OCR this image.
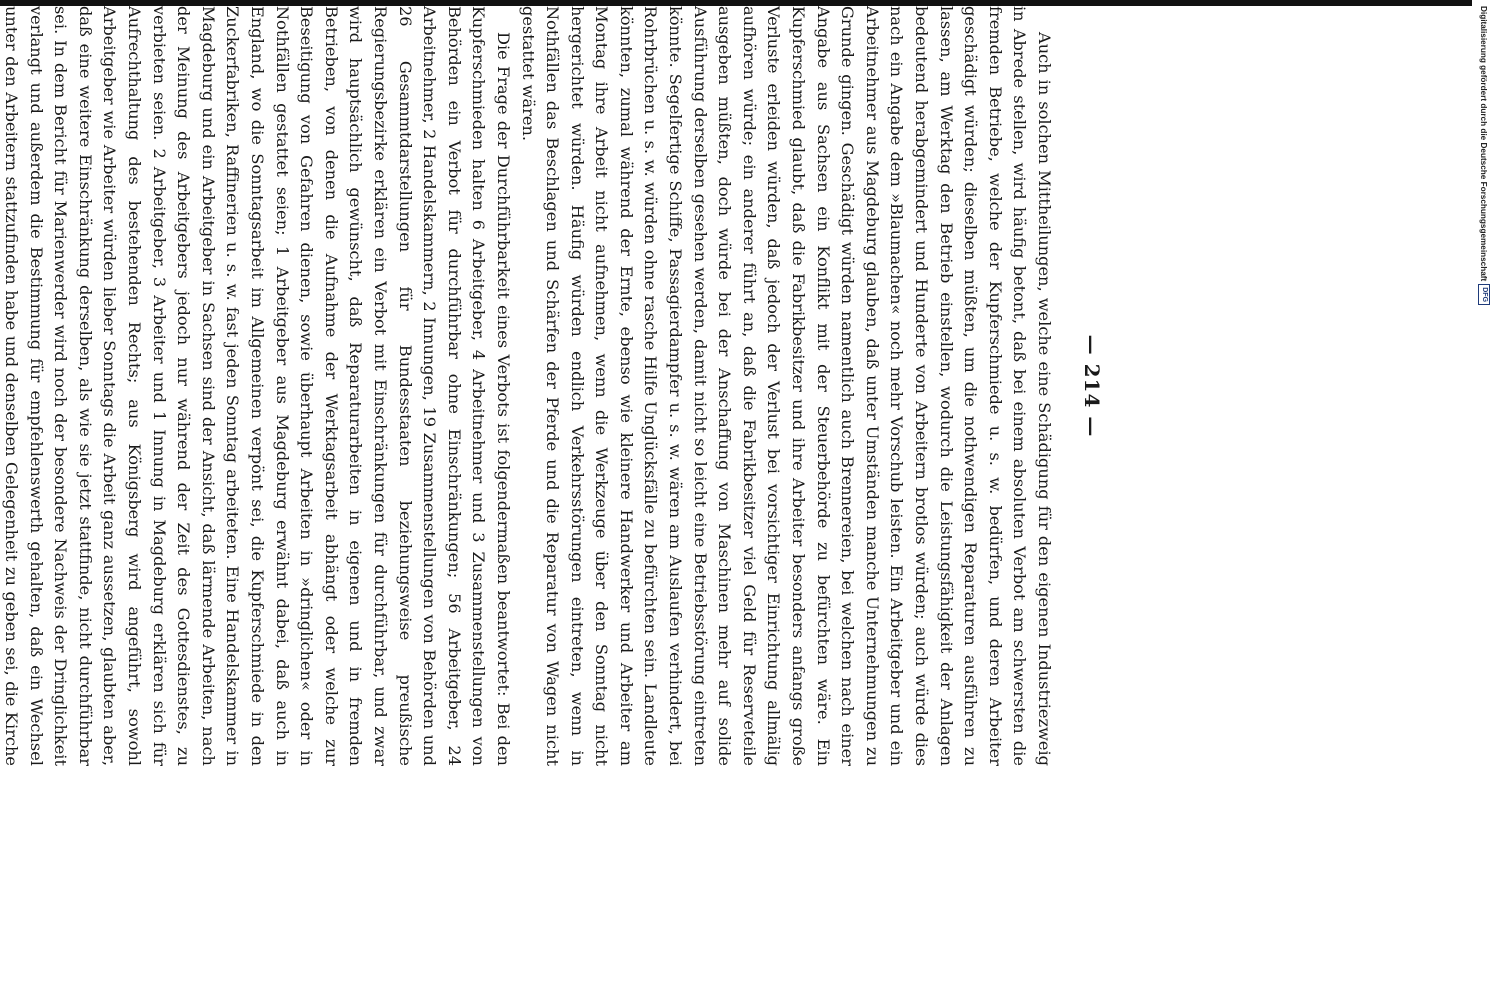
— 214 —

Auch in solchen Mittheilungen, welche eine Schädigung für den eigenen Industriezweig in Abrede stellen, wird häufig betont, daß bei einem absoluten Verbot am schwersten die fremden Betriebe, welche der Kupferschmiede u. s. w. bedürfen, und deren Arbeiter geschädigt würden; dieselben müßten, um die nothwendigen Reparaturen ausführen zu lassen, am Werktag den Betrieb einstellen, wodurch die Leistungsfähigkeit der Anlagen bedeutend herabgemindert und Hunderte von Arbeitern brotlos würden; auch würde dies nach ein Angabe dem »Blaumachen« noch mehr Vorschub leisten. Ein Arbeitgeber und ein Arbeitnehmer aus Magdeburg glauben, daß unter Umständen manche Unternehmungen zu Grunde gingen. Geschädigt würden namentlich auch Brennereien, bei welchen nach einer Angabe aus Sachsen ein Konflikt mit der Steuerbehörde zu befürchten wäre. Ein Kupferschmied glaubt, daß die Fabrikbesitzer und ihre Arbeiter besonders anfangs große Verluste erleiden würden, daß jedoch der Verlust bei vorsichtiger Einrichtung allmälig aufhören würde; ein anderer führt an, daß die Fabrikbesitzer viel Geld für Reserveteile ausgeben müßten, doch würde bei der Anschaffung von Maschinen mehr auf solide Ausführung derselben gesehen werden, damit nicht so leicht eine Betriebsstörung eintreten könnte. Segelfertige Schiffe, Passagierdampfer u. s. w. wären am Auslaufen verhindert, bei Rohrbrüchen u. s. w. würden ohne rasche Hilfe Unglücksfälle zu befürchten sein. Landleute könnten, zumal während der Ernte, ebenso wie kleinere Handwerker und Arbeiter am Montag ihre Arbeit nicht aufnehmen, wenn die Werkzeuge über den Sonntag nicht hergerichtet würden. Häufig würden endlich Verkehrsstörungen eintreten, wenn in Nothfällen das Beschlagen und Schärfen der Pferde und die Reparatur von Wagen nicht gestattet wären.

Die Frage der Durchführbarkeit eines Verbots ist folgendermaßen beantwortet: Bei den Kupferschmieden halten 6 Arbeitgeber, 4 Arbeitnehmer und 3 Zusammenstellungen von Behörden ein Verbot für durchführbar ohne Einschränkungen; 56 Arbeitgeber, 24 Arbeitnehmer, 2 Handelskammern, 2 Innungen, 19 Zusammenstellungen von Behörden und 26 Gesammtdarstellungen für Bundesstaaten beziehungsweise preußische Regierungsbezirke erklären ein Verbot mit Einschränkungen für durchführbar, und zwar wird hauptsächlich gewünscht, daß Reparaturarbeiten in eigenen und in fremden Betrieben, von denen die Aufnahme der Werktagsarbeit abhängt oder welche zur Beseitigung von Gefahren dienen, sowie überhaupt Arbeiten in »dringlichen« oder in Nothfällen gestattet seien; 1 Arbeitgeber aus Magdeburg erwähnt dabei, daß auch in England, wo die Sonntagsarbeit im Allgemeinen verpönt sei, die Kupferschmiede in den Zuckerfabriken, Raffinerien u. s. w. fast jeden Sonntag arbeiteten. Eine Handelskammer in Magdeburg und ein Arbeitgeber in Sachsen sind der Ansicht, daß lärmende Arbeiten, nach der Meinung des Arbeitgebers jedoch nur während der Zeit des Gottesdienstes, zu verbieten seien. 2 Arbeitgeber, 3 Arbeiter und 1 Innung in Magdeburg erklären sich für Aufrechthaltung des bestehenden Rechts; aus Königsberg wird angeführt, sowohl Arbeitgeber wie Arbeiter würden lieber Sonntags die Arbeit ganz aussetzen, glaubten aber, daß eine weitere Einschränkung derselben, als wie sie jetzt stattfinde, nicht durchführbar sei. In dem Bericht für Marienwerder wird noch der besondere Nachweis der Dringlichkeit verlangt und außerdem die Bestimmung für empfehlenswerth gehalten, daß ein Wechsel unter den Arbeitern stattzufinden habe und denselben Gelegenheit zu geben sei, die Kirche

Digitalisierung gefördert durch die Deutsche Forschungsgemeinschaft
DFG
